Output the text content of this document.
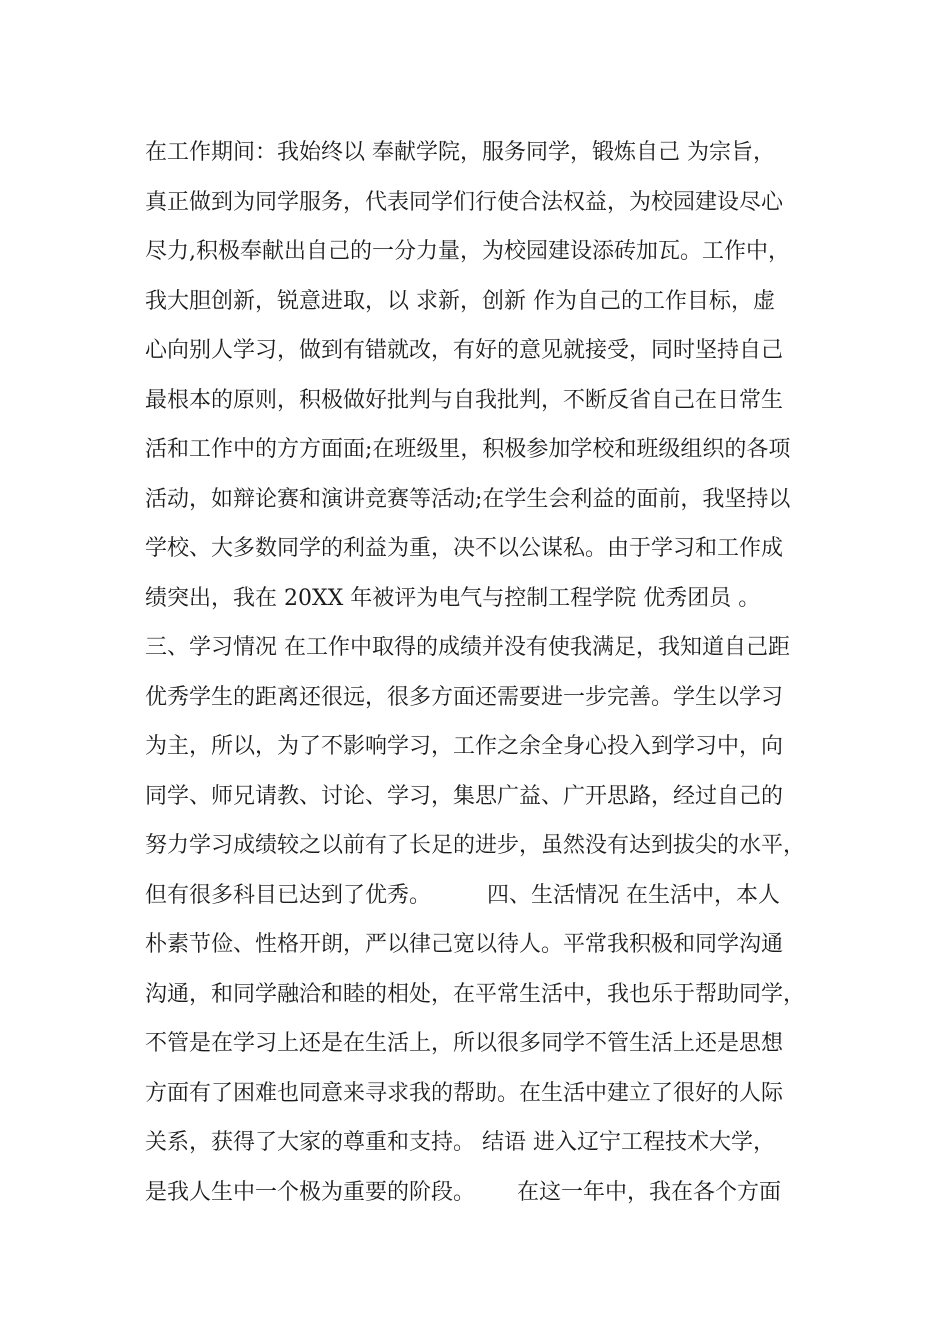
在工作期间：我始终以 奉献学院，服务同学，锻炼自己 为宗旨，
真正做到为同学服务，代表同学们行使合法权益，为校园建设尽心
尽力,积极奉献出自己的一分力量，为校园建设添砖加瓦。工作中，
我大胆创新，锐意进取，以 求新，创新 作为自己的工作目标，虚
心向别人学习，做到有错就改，有好的意见就接受，同时坚持自己
最根本的原则，积极做好批判与自我批判，不断反省自己在日常生
活和工作中的方方面面;在班级里，积极参加学校和班级组织的各项
活动，如辩论赛和演讲竞赛等活动;在学生会利益的面前，我坚持以
学校、大多数同学的利益为重，决不以公谋私。由于学习和工作成
绩突出，我在 20XX 年被评为电气与控制工程学院 优秀团员 。
三、学习情况 在工作中取得的成绩并没有使我满足，我知道自己距
优秀学生的距离还很远，很多方面还需要进一步完善。学生以学习
为主，所以，为了不影响学习，工作之余全身心投入到学习中，向
同学、师兄请教、讨论、学习，集思广益、广开思路，经过自己的
努力学习成绩较之以前有了长足的进步，虽然没有达到拔尖的水平，
但有很多科目已达到了优秀。        四、生活情况 在生活中，本人
朴素节俭、性格开朗，严以律己宽以待人。平常我积极和同学沟通
沟通，和同学融洽和睦的相处，在平常生活中，我也乐于帮助同学，
不管是在学习上还是在生活上，所以很多同学不管生活上还是思想
方面有了困难也同意来寻求我的帮助。在生活中建立了很好的人际
关系，获得了大家的尊重和支持。 结语 进入辽宁工程技术大学，
是我人生中一个极为重要的阶段。      在这一年中，我在各个方面
